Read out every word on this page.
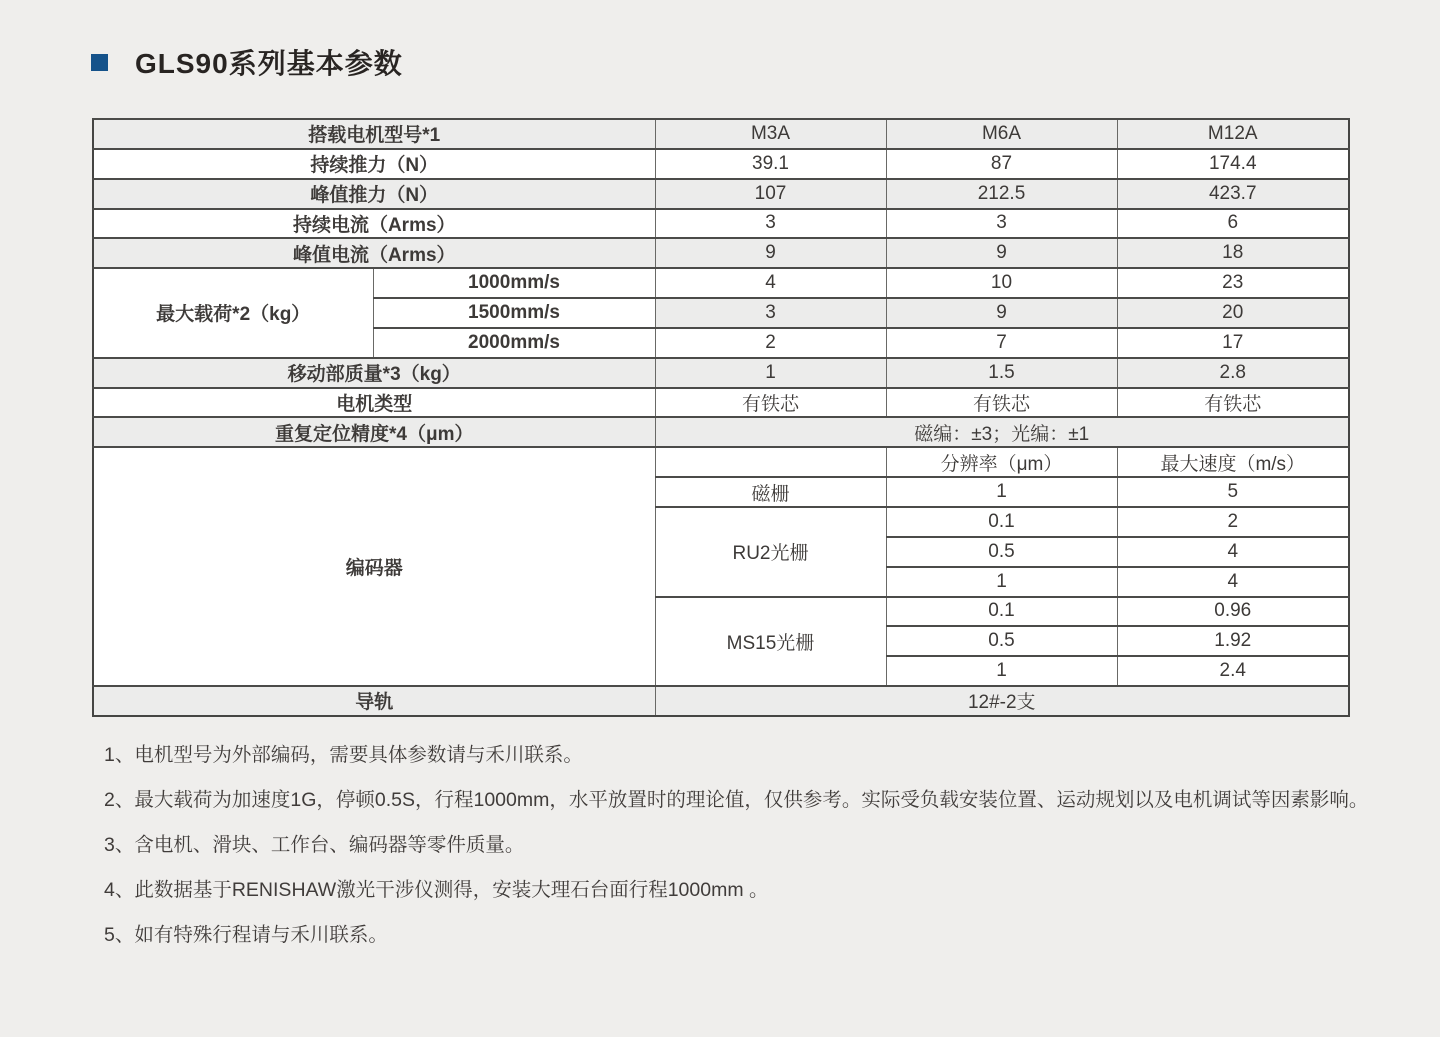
GLS90系列基本参数
搭载电机型号*1		M3A	M6A	M12A
持续推力（N）		39.1	87	174.4
峰值推力（N）		107	212.5	423.7
持续电流（Arms）		3	3	6
峰值电流（Arms）		9	9	18
最大载荷*2（kg）	1000mm/s	4	10	23
	1500mm/s	3	9	20
	2000mm/s	2	7	17
移动部质量*3（kg）		1	1.5	2.8
电机类型		有铁芯	有铁芯	有铁芯
重复定位精度*4（μm）		磁编：±3；光编：±1		
编码器			分辨率（μm）	最大速度（m/s）
		磁栅	1	5
		RU2光栅	0.1	2
			0.5	4
			1	4
		MS15光栅	0.1	0.96
			0.5	1.92
			1	2.4
导轨		12#-2支		

1、电机型号为外部编码，需要具体参数请与禾川联系。

2、最大载荷为加速度1G，停顿0.5S，行程1000mm，水平放置时的理论值，仅供参考。实际受负载安装位置、运动规划以及电机调试等因素影响。

3、含电机、滑块、工作台、编码器等零件质量。

4、此数据基于RENISHAW激光干涉仪测得，安装大理石台面行程1000mm 。

5、如有特殊行程请与禾川联系。
